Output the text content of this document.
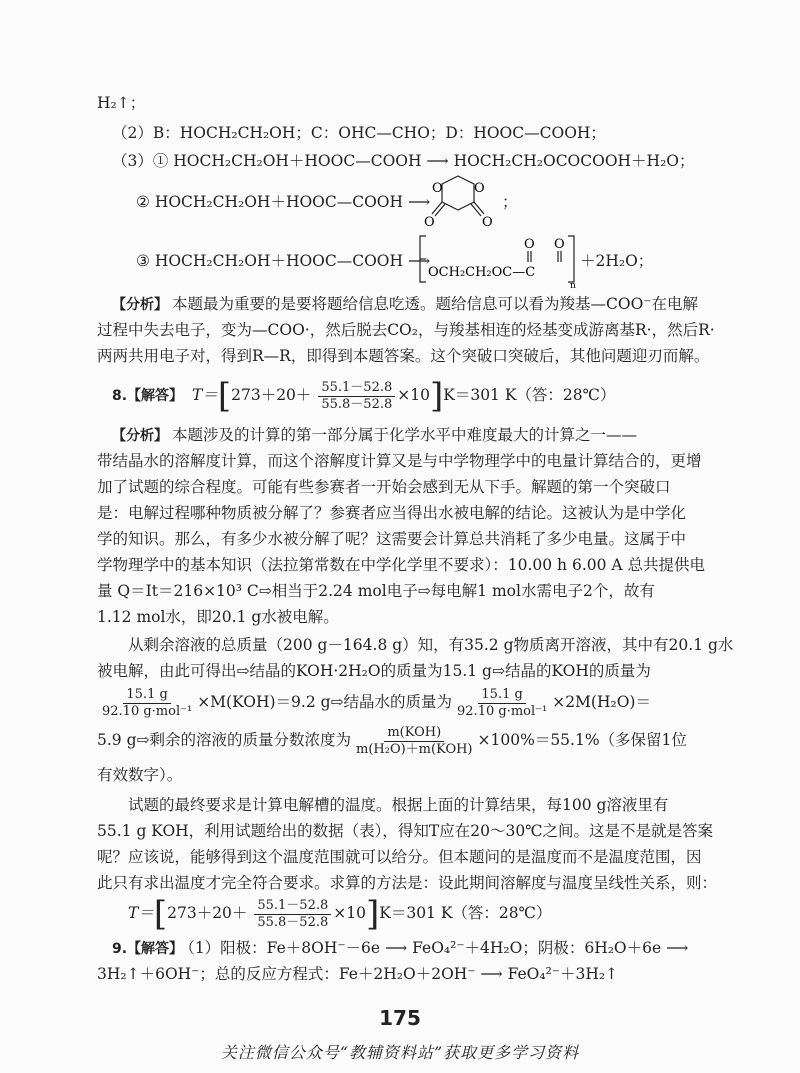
H₂↑；
（2）B：HOCH₂CH₂OH；C：OHC—CHO；D：HOOC—COOH；
（3）① HOCH₂CH₂OH＋HOOC—COOH ⟶ HOCH₂CH₂OCOCOOH＋H₂O；
② HOCH₂CH₂OH＋HOOC—COOH ⟶
O O
O	O
；
③ HOCH₂CH₂OH＋HOOC—COOH ⟶
O O
OCH₂CH₂OC—C
n
＋2H₂O；
【分析】 本题最为重要的是要将题给信息吃透。题给信息可以看为羧基—COO⁻在电解
过程中失去电子，变为—COO·，然后脱去CO₂，与羧基相连的烃基变成游离基R·，然后R·
两两共用电子对，得到R—R，即得到本题答案。这个突破口突破后，其他问题迎刃而解。
8.【解答】 $T=[273+20+ \frac{55.1-52.8}{55.8-52.8} \times 10]K=301$ K（答：28℃）
【分析】 本题涉及的计算的第一部分属于化学水平中难度最大的计算之一——
带结晶水的溶解度计算，而这个溶解度计算又是与中学物理学中的电量计算结合的，更增
加了试题的综合程度。可能有些参赛者一开始会感到无从下手。解题的第一个突破口
是：电解过程哪种物质被分解了？参赛者应当得出水被电解的结论。这被认为是中学化
学的知识。那么，有多少水被分解了呢？这需要会计算总共消耗了多少电量。这属于中
学物理学中的基本知识（法拉第常数在中学化学里不要求）：10.00 h 6.00 A 总共提供电
量 Q＝It＝216×10³ C⇨相当于2.24 mol电子⇨每电解1 mol水需电子2个，故有
1.12 mol水，即20.1 g水被电解。
从剩余溶液的总质量（200 g－164.8 g）知，有35.2 g物质离开溶液，其中有20.1 g水
被电解，由此可得出⇨结晶的KOH·2H₂O的质量为15.1 g⇨结晶的KOH的质量为
$\frac{15.1 g}{\text{92.10 g·mol⁻¹}} \times M(KOH)=9.2$ g⇨结晶水的质量为 $\frac{15.1 g}{\text{92.10 g·mol⁻¹}} \times 2M(H_2O)=$
5.9 g⇨剩余的溶液的质量分数浓度为 $\frac{\text{m(KOH)}}{\text{m(H₂O)＋m(KOH)}} \times 100\%=55.1\%$（多保留1位
有效数字）。
试题的最终要求是计算电解槽的温度。根据上面的计算结果，每100 g溶液里有
55.1 g KOH，利用试题给出的数据（表），得知T应在20～30℃之间。这是不是就是答案
呢？应该说，能够得到这个温度范围就可以给分。但本题问的是温度而不是温度范围，因
此只有求出温度才完全符合要求。求算的方法是：设此期间溶解度与温度呈线性关系，则：
$T=[273+20+ \frac{55.1-52.8}{55.8-52.8} \times 10]K=301$ K（答：28℃）
9.【解答】 （1）阳极：Fe＋8OH⁻－6e ⟶ FeO₄²⁻＋4H₂O；阴极：6H₂O＋6e ⟶
3H₂↑＋6OH⁻；总的反应方程式：Fe＋2H₂O＋2OH⁻ ⟶ FeO₄²⁻＋3H₂↑
175
关注微信公众号“教辅资料站”获取更多学习资料
